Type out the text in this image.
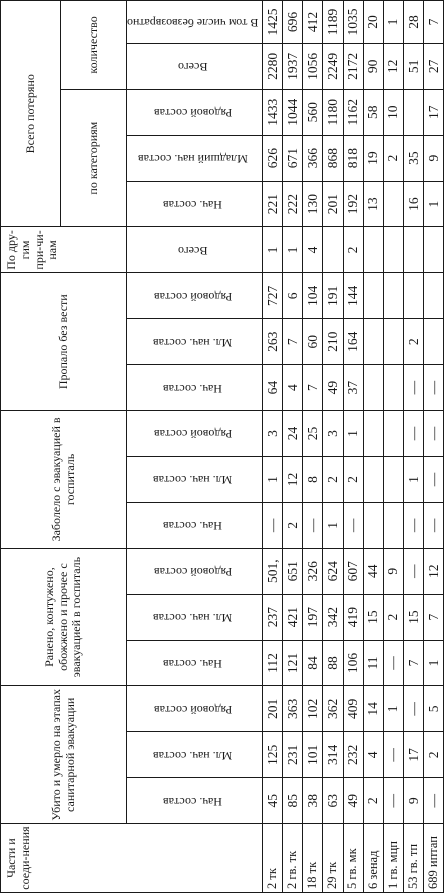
Части и соеди-нения	Убито и умерло на этапах санитарной эвакуации			Ранено, контужено, обожжено и прочее с эвакуацией в госпиталь			Заболело с эвакуацией в госпиталь			Пропало без вести			По дру-гим при-чи-нам	Всего потеряно				
														по категориям			количество	
	Нач. состав	Мл. нач. состав	Рядовой состав	Нач. состав	Мл. нач. состав	Рядовой состав	Нач. состав	Мл. нач. состав	Рядовой состав	Нач. состав	Мл. нач. состав	Рядовой состав	Всего	Нач. состав	Младший нач. состав	Рядовой состав	Всего	В том числе безвозвратно
2 тк	45	125	201	112	237	501,	—	1	3	64	263	727	1	221	626	1433	2280	1425
2 гв. тк	85	231	363	121	421	651	2	12	24	4	7	6	1	222	671	1044	1937	696
18 тк	38	101	102	84	197	326	—	8	25	7	60	104	4	130	366	560	1056	412
29 тк	63	314	362	88	342	624	1	2	3	49	210	191		201	868	1180	2249	1189
5 гв. мк	49	232	409	106	419	607	—	2	1	37	164	144	2	192	818	1162	2172	1035
6 зенад	2	4	14	11	15	44								13	19	58	90	20
1 гв. мцп	—	—	1	—	2	9									2	10	12	1
53 гв. тп	9	17	—	7	15	—	—	1	—	—	2			16	35		51	28
689 иптап	—	2	5	1	7	12	—	—	—	—				1	9	17	27	7
